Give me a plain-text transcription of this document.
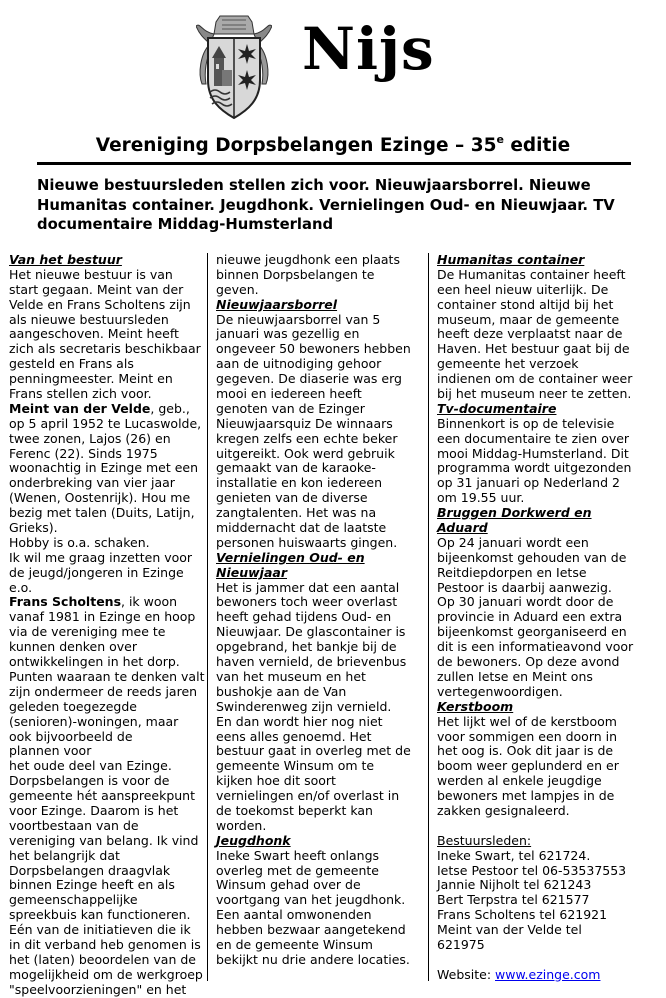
Nijs
Vereniging Dorpsbelangen Ezinge – 35e editie
Nieuwe bestuursleden stellen zich voor. Nieuwjaarsborrel. Nieuwe
Humanitas container. Jeugdhonk. Vernielingen Oud- en Nieuwjaar. TV
documentaire Middag-Humsterland
Van het bestuur
Het nieuwe bestuur is van
start gegaan. Meint van der
Velde en Frans Scholtens zijn
als nieuwe bestuursleden
aangeschoven. Meint heeft
zich als secretaris beschikbaar
gesteld en Frans als
penningmeester. Meint en
Frans stellen zich voor.
Meint van der Velde, geb.,
op 5 april 1952 te Lucaswolde,
twee zonen, Lajos (26) en
Ferenc (22). Sinds 1975
woonachtig in Ezinge met een
onderbreking van vier jaar
(Wenen, Oostenrijk). Hou me
bezig met talen (Duits, Latijn,
Grieks).
Hobby is o.a. schaken.
Ik wil me graag inzetten voor
de jeugd/jongeren in Ezinge
e.o.
Frans Scholtens, ik woon
vanaf 1981 in Ezinge en hoop
via de vereniging mee te
kunnen denken over
ontwikkelingen in het dorp.
Punten waaraan te denken valt
zijn ondermeer de reeds jaren
geleden toegezegde
(senioren)-woningen, maar
ook bijvoorbeeld de
plannen voor
het oude deel van Ezinge.
Dorpsbelangen is voor de
gemeente hét aanspreekpunt
voor Ezinge. Daarom is het
voortbestaan van de
vereniging van belang. Ik vind
het belangrijk dat
Dorpsbelangen draagvlak
binnen Ezinge heeft en als
gemeenschappelijke
spreekbuis kan functioneren.
Eén van de initiatieven die ik
in dit verband heb genomen is
het (laten) beoordelen van de
mogelijkheid om de werkgroep
"speelvoorzieningen" en het
nieuwe jeugdhonk een plaats
binnen Dorpsbelangen te
geven.
Nieuwjaarsborrel
De nieuwjaarsborrel van 5
januari was gezellig en
ongeveer 50 bewoners hebben
aan de uitnodiging gehoor
gegeven. De diaserie was erg
mooi en iedereen heeft
genoten van de Ezinger
Nieuwjaarsquiz De winnaars
kregen zelfs een echte beker
uitgereikt. Ook werd gebruik
gemaakt van de karaoke-
installatie en kon iedereen
genieten van de diverse
zangtalenten. Het was na
middernacht dat de laatste
personen huiswaarts gingen.
Vernielingen Oud- en
Nieuwjaar
Het is jammer dat een aantal
bewoners toch weer overlast
heeft gehad tijdens Oud- en
Nieuwjaar. De glascontainer is
opgebrand, het bankje bij de
haven vernield, de brievenbus
van het museum en het
bushokje aan de Van
Swinderenweg zijn vernield.
En dan wordt hier nog niet
eens alles genoemd. Het
bestuur gaat in overleg met de
gemeente Winsum om te
kijken hoe dit soort
vernielingen en/of overlast in
de toekomst beperkt kan
worden.
Jeugdhonk
Ineke Swart heeft onlangs
overleg met de gemeente
Winsum gehad over de
voortgang van het jeugdhonk.
Een aantal omwonenden
hebben bezwaar aangetekend
en de gemeente Winsum
bekijkt nu drie andere locaties.
Humanitas container
De Humanitas container heeft
een heel nieuw uiterlijk. De
container stond altijd bij het
museum, maar de gemeente
heeft deze verplaatst naar de
Haven. Het bestuur gaat bij de
gemeente het verzoek
indienen om de container weer
bij het museum neer te zetten.
Tv-documentaire
Binnenkort is op de televisie
een documentaire te zien over
mooi Middag-Humsterland. Dit
programma wordt uitgezonden
op 31 januari op Nederland 2
om 19.55 uur.
Bruggen Dorkwerd en
Aduard
Op 24 januari wordt een
bijeenkomst gehouden van de
Reitdiepdorpen en Ietse
Pestoor is daarbij aanwezig.
Op 30 januari wordt door de
provincie in Aduard een extra
bijeenkomst georganiseerd en
dit is een informatieavond voor
de bewoners. Op deze avond
zullen Ietse en Meint ons
vertegenwoordigen.
Kerstboom
Het lijkt wel of de kerstboom
voor sommigen een doorn in
het oog is. Ook dit jaar is de
boom weer geplunderd en er
werden al enkele jeugdige
bewoners met lampjes in de
zakken gesignaleerd.
Bestuursleden:
Ineke Swart, tel 621724.
Ietse Pestoor tel 06-53537553
Jannie Nijholt tel 621243
Bert Terpstra tel 621577
Frans Scholtens tel 621921
Meint van der Velde tel
621975
Website: www.ezinge.com
